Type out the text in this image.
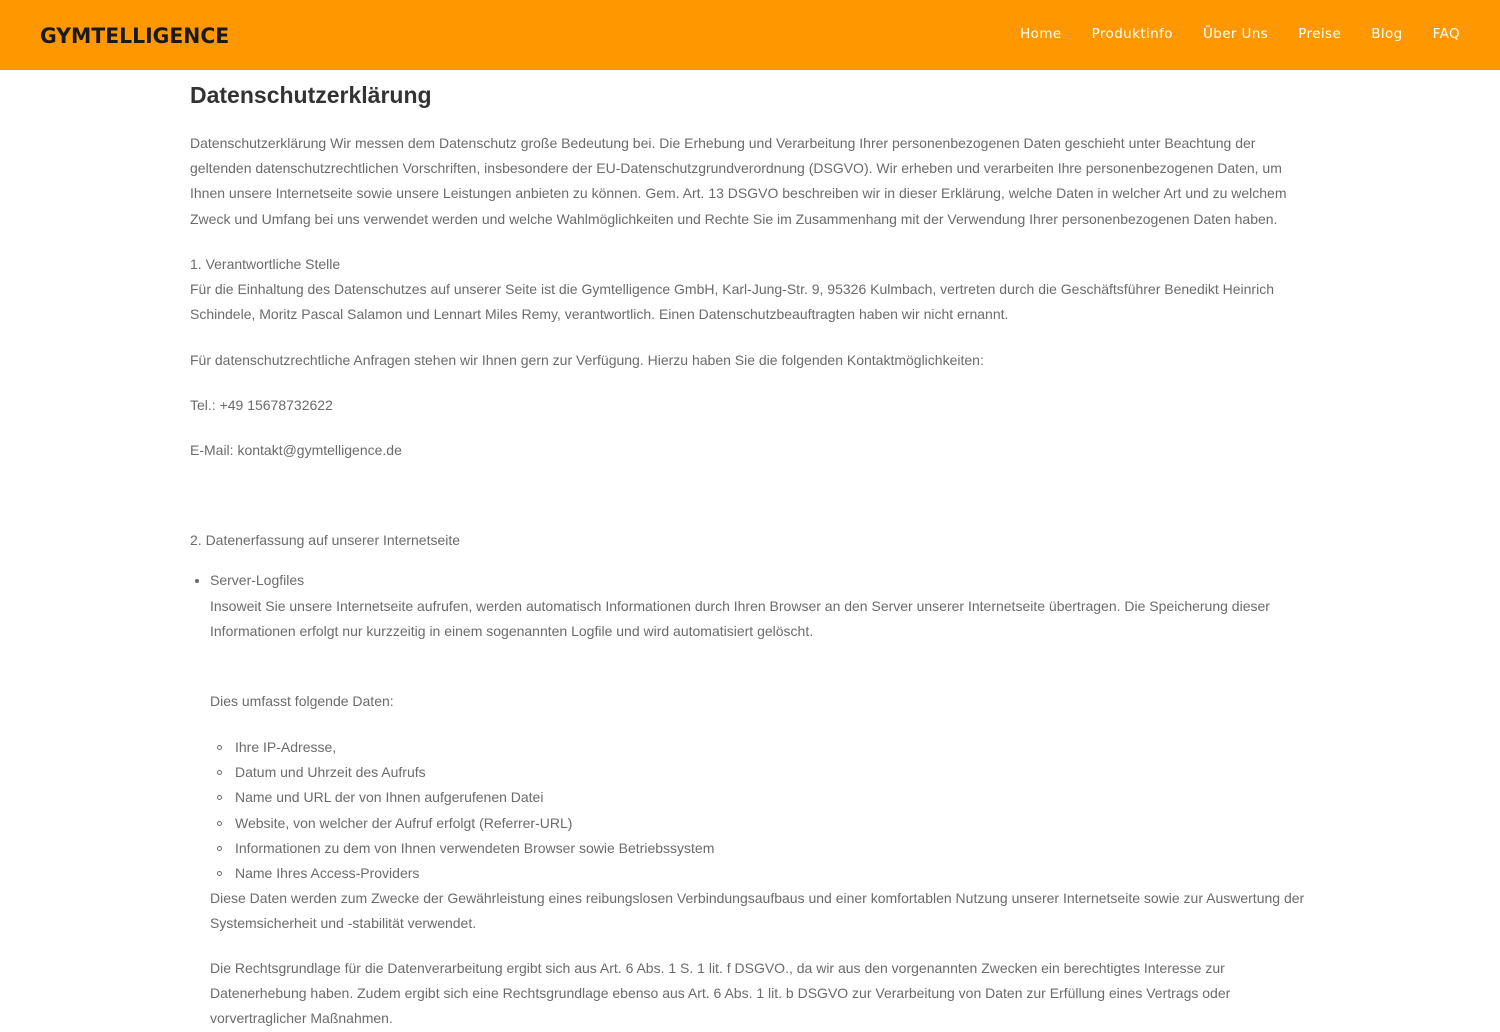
GYMTELLIGENCE	Home Produktinfo Über Uns Preise Blog FAQ
Datenschutzerklärung

Datenschutzerklärung Wir messen dem Datenschutz große Bedeutung bei. Die Erhebung und Verarbeitung Ihrer personenbezogenen Daten geschieht unter Beachtung der geltenden datenschutzrechtlichen Vorschriften, insbesondere der EU-Datenschutzgrundverordnung (DSGVO). Wir erheben und verarbeiten Ihre personenbezogenen Daten, um Ihnen unsere Internetseite sowie unsere Leistungen anbieten zu können. Gem. Art. 13 DSGVO beschreiben wir in dieser Erklärung, welche Daten in welcher Art und zu welchem Zweck und Umfang bei uns verwendet werden und welche Wahlmöglichkeiten und Rechte Sie im Zusammenhang mit der Verwendung Ihrer personenbezogenen Daten haben.

1. Verantwortliche Stelle

Für die Einhaltung des Datenschutzes auf unserer Seite ist die Gymtelligence GmbH, Karl-Jung-Str. 9, 95326 Kulmbach, vertreten durch die Geschäftsführer Benedikt Heinrich Schindele, Moritz Pascal Salamon und Lennart Miles Remy, verantwortlich. Einen Datenschutzbeauftragten haben wir nicht ernannt.

Für datenschutzrechtliche Anfragen stehen wir Ihnen gern zur Verfügung. Hierzu haben Sie die folgenden Kontaktmöglichkeiten:

Tel.: +49 15678732622

E-Mail: kontakt@gymtelligence.de

2. Datenerfassung auf unserer Internetseite

Server-Logfiles

Insoweit Sie unsere Internetseite aufrufen, werden automatisch Informationen durch Ihren Browser an den Server unserer Internetseite übertragen. Die Speicherung dieser Informationen erfolgt nur kurzzeitig in einem sogenannten Logfile und wird automatisiert gelöscht.

Dies umfasst folgende Daten:

Ihre IP-Adresse,
Datum und Uhrzeit des Aufrufs
Name und URL der von Ihnen aufgerufenen Datei
Website, von welcher der Aufruf erfolgt (Referrer-URL)
Informationen zu dem von Ihnen verwendeten Browser sowie Betriebssystem
Name Ihres Access-Providers

Diese Daten werden zum Zwecke der Gewährleistung eines reibungslosen Verbindungsaufbaus und einer komfortablen Nutzung unserer Internetseite sowie zur Auswertung der Systemsicherheit und -stabilität verwendet.

Die Rechtsgrundlage für die Datenverarbeitung ergibt sich aus Art. 6 Abs. 1 S. 1 lit. f DSGVO., da wir aus den vorgenannten Zwecken ein berechtigtes Interesse zur Datenerhebung haben. Zudem ergibt sich eine Rechtsgrundlage ebenso aus Art. 6 Abs. 1 lit. b DSGVO zur Verarbeitung von Daten zur Erfüllung eines Vertrags oder vorvertraglicher Maßnahmen.
